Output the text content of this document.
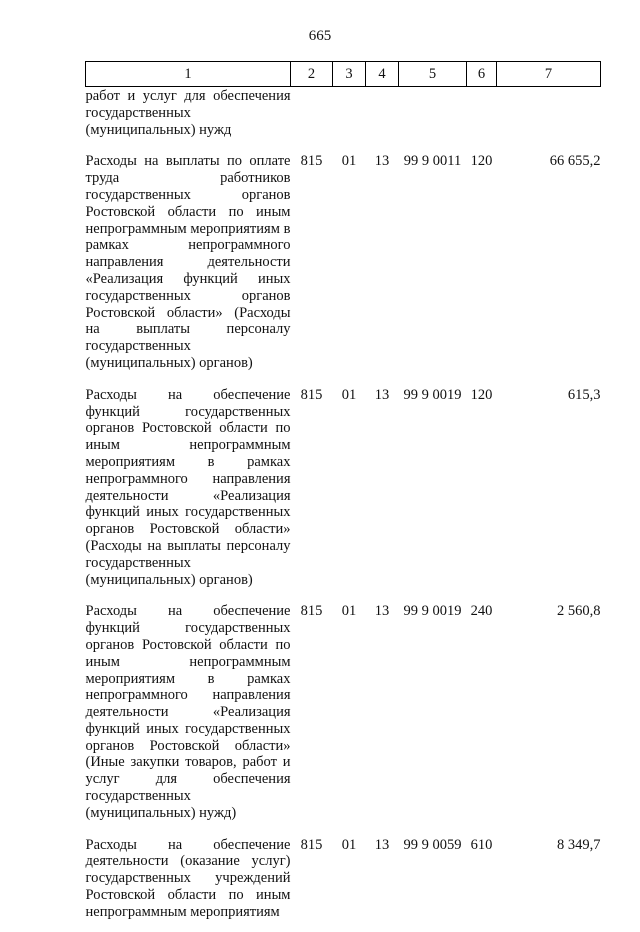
665
1	2	3	4	5	6	7
работ и услуг для обеспечения государственных (муниципальных) нужд						
Расходы на выплаты по оплате труда работников государственных органов Ростовской области по иным непрограммным мероприятиям в рамках непрограммного направления деятельности «Реализация функций иных государственных органов Ростовской области» (Расходы на выплаты персоналу государственных (муниципальных) органов)	815	01	13	99 9 0011	120	66 655,2
Расходы на обеспечение функций государственных органов Ростовской области по иным непрограммным мероприятиям в рамках непрограммного направления деятельности «Реализация функций иных государственных органов Ростовской области» (Расходы на выплаты персоналу государственных (муниципальных) органов)	815	01	13	99 9 0019	120	615,3
Расходы на обеспечение функций государственных органов Ростовской области по иным непрограммным мероприятиям в рамках непрограммного направления деятельности «Реализация функций иных государственных органов Ростовской области» (Иные закупки товаров, работ и услуг для обеспечения государственных (муниципальных) нужд)	815	01	13	99 9 0019	240	2 560,8
Расходы на обеспечение деятельности (оказание услуг) государственных учреждений Ростовской области по иным непрограммным мероприятиям	815	01	13	99 9 0059	610	8 349,7
